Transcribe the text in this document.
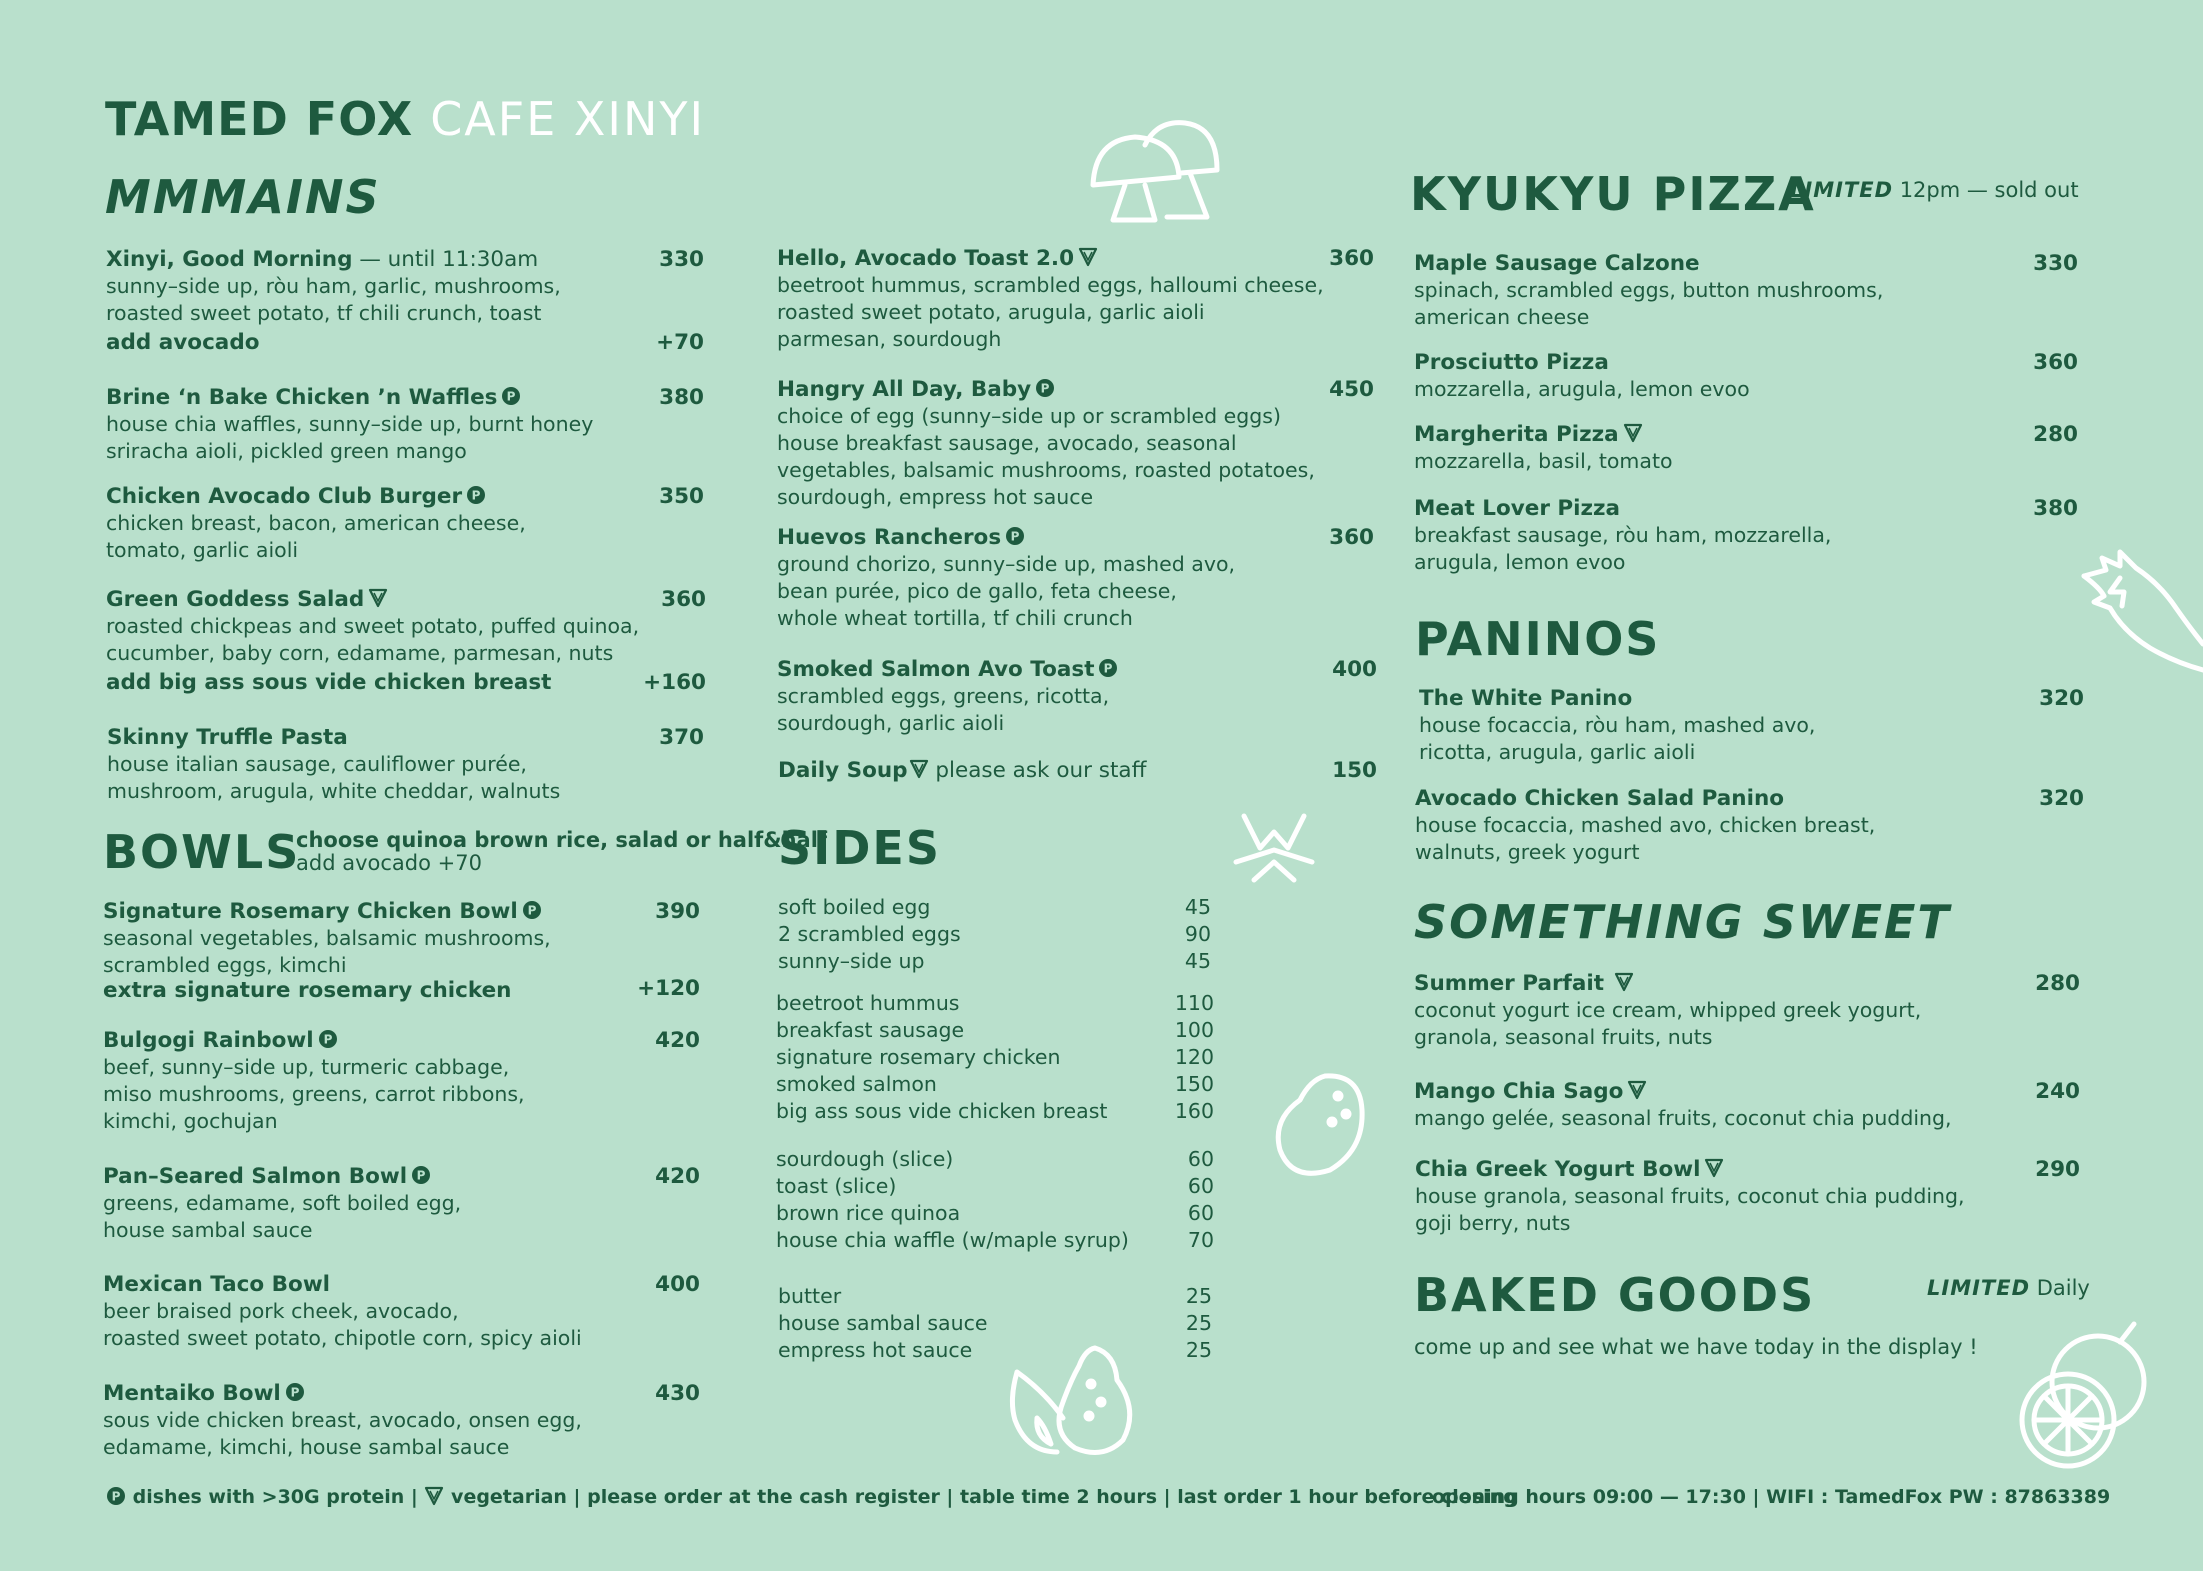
TAMED FOX CAFE XINYI
MMMAINS
Xinyi, Good Morning — until 11:30am	330
sunny–side up, ròu ham, garlic, mushrooms,
roasted sweet potato, tf chili crunch, toast
add avocado	+70
Brine ‘n Bake Chicken ’n Waffles P	380
house chia waffles, sunny–side up, burnt honey
sriracha aioli, pickled green mango
Chicken Avocado Club Burger P	350
chicken breast, bacon, american cheese,
tomato, garlic aioli
Green Goddess Salad	360
roasted chickpeas and sweet potato, puffed quinoa,
cucumber, baby corn, edamame, parmesan, nuts
add big ass sous vide chicken breast	+160
Skinny Truffle Pasta	370
house italian sausage, cauliflower purée,
mushroom, arugula, white cheddar, walnuts
BOWLS
choose quinoa brown rice, salad or half&half
add avocado +70
Signature Rosemary Chicken Bowl P	390
seasonal vegetables, balsamic mushrooms,
scrambled eggs, kimchi
extra signature rosemary chicken	+120
Bulgogi Rainbowl P	420
beef, sunny–side up, turmeric cabbage,
miso mushrooms, greens, carrot ribbons,
kimchi, gochujan
Pan–Seared Salmon Bowl P	420
greens, edamame, soft boiled egg,
house sambal sauce
Mexican Taco Bowl	400
beer braised pork cheek, avocado,
roasted sweet potato, chipotle corn, spicy aioli
Mentaiko Bowl P	430
sous vide chicken breast, avocado, onsen egg,
edamame, kimchi, house sambal sauce
Hello, Avocado Toast 2.0	360
beetroot hummus, scrambled eggs, halloumi cheese,
roasted sweet potato, arugula, garlic aioli
parmesan, sourdough
Hangry All Day, Baby P	450
choice of egg (sunny–side up or scrambled eggs)
house breakfast sausage, avocado, seasonal
vegetables, balsamic mushrooms, roasted potatoes,
sourdough, empress hot sauce
Huevos Rancheros P	360
ground chorizo, sunny–side up, mashed avo,
bean purée, pico de gallo, feta cheese,
whole wheat tortilla, tf chili crunch
Smoked Salmon Avo Toast P	400
scrambled eggs, greens, ricotta,
sourdough, garlic aioli
Daily Soup
please ask our staff	150
SIDES
soft boiled egg	45
2 scrambled eggs	90
sunny–side up	45
beetroot hummus	110
breakfast sausage	100
signature rosemary chicken	120
smoked salmon	150
big ass sous vide chicken breast	160
sourdough (slice)	60
toast (slice)	60
brown rice quinoa	60
house chia waffle (w/maple syrup)	70
butter	25
house sambal sauce	25
empress hot sauce	25
KYUKYU PIZZA
LIMITED 12pm — sold out
Maple Sausage Calzone	330
spinach, scrambled eggs, button mushrooms,
american cheese
Prosciutto Pizza	360
mozzarella, arugula, lemon evoo
Margherita Pizza	280
mozzarella, basil, tomato
Meat Lover Pizza	380
breakfast sausage, ròu ham, mozzarella,
arugula, lemon evoo
PANINOS
The White Panino	320
house focaccia, ròu ham, mashed avo,
ricotta, arugula, garlic aioli
Avocado Chicken Salad Panino	320
house focaccia, mashed avo, chicken breast,
walnuts, greek yogurt
SOMETHING SWEET
Summer Parfait	280
coconut yogurt ice cream, whipped greek yogurt,
granola, seasonal fruits, nuts
Mango Chia Sago	240
mango gelée, seasonal fruits, coconut chia pudding,
Chia Greek Yogurt Bowl	290
house granola, seasonal fruits, coconut chia pudding,
goji berry, nuts
BAKED GOODS	LIMITED Daily
come up and see what we have today in the display !
P dishes with >30G protein |
vegetarian | please order at the cash register | table time 2 hours | last order 1 hour before closing
opening hours 09:00 — 17:30 | WIFI : TamedFox PW : 87863389
